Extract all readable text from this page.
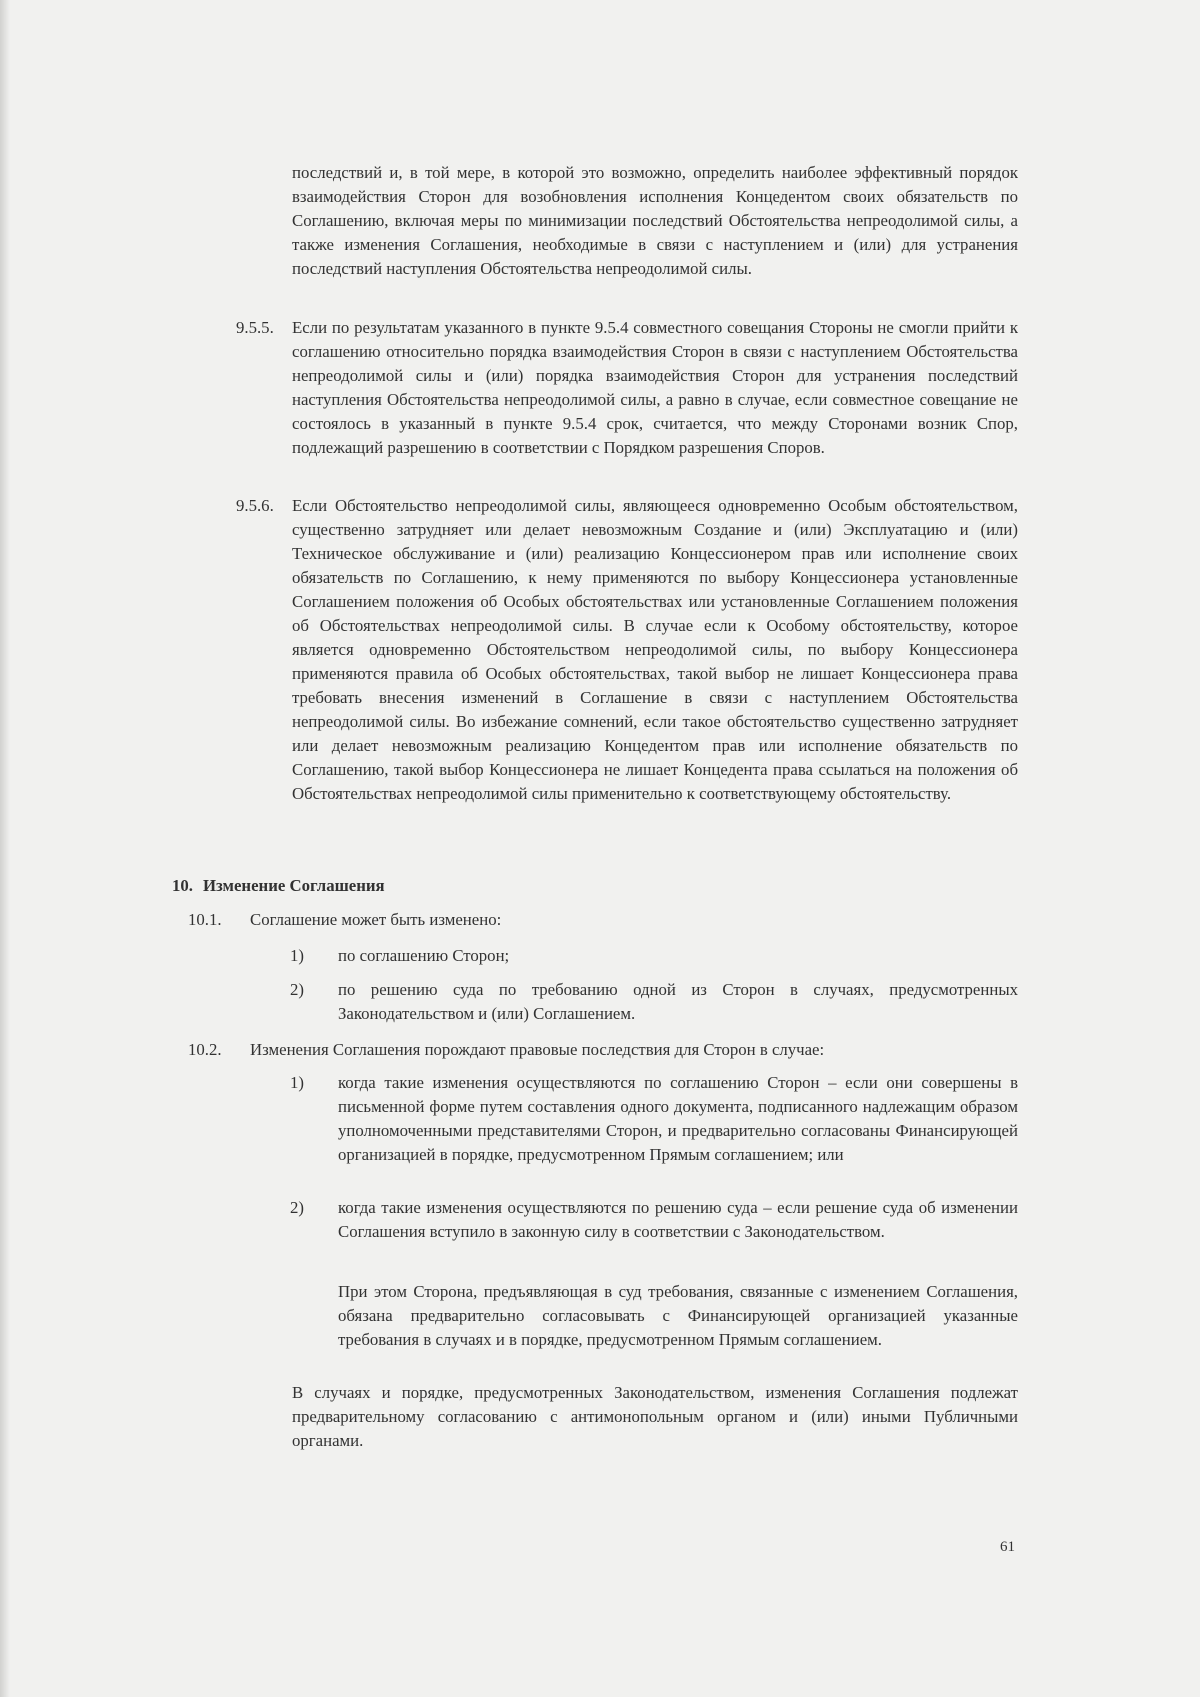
последствий и, в той мере, в которой это возможно, определить наиболее эффективный порядок взаимодействия Сторон для возобновления исполнения Концедентом своих обязательств по Соглашению, включая меры по минимизации последствий Обстоятельства непреодолимой силы, а также изменения Соглашения, необходимые в связи с наступлением и (или) для устранения последствий наступления Обстоятельства непреодолимой силы.

9.5.5.	Если по результатам указанного в пункте 9.5.4 совместного совещания Стороны не смогли прийти к соглашению относительно порядка взаимодействия Сторон в связи с наступлением Обстоятельства непреодолимой силы и (или) порядка взаимодействия Сторон для устранения последствий наступления Обстоятельства непреодолимой силы, а равно в случае, если совместное совещание не состоялось в указанный в пункте 9.5.4 срок, считается, что между Сторонами возник Спор, подлежащий разрешению в соответствии с Порядком разрешения Споров.

9.5.6.	Если Обстоятельство непреодолимой силы, являющееся одновременно Особым обстоятельством, существенно затрудняет или делает невозможным Создание и (или) Эксплуатацию и (или) Техническое обслуживание и (или) реализацию Концессионером прав или исполнение своих обязательств по Соглашению, к нему применяются по выбору Концессионера установленные Соглашением положения об Особых обстоятельствах или установленные Соглашением положения об Обстоятельствах непреодолимой силы. В случае если к Особому обстоятельству, которое является одновременно Обстоятельством непреодолимой силы, по выбору Концессионера применяются правила об Особых обстоятельствах, такой выбор не лишает Концессионера права требовать внесения изменений в Соглашение в связи с наступлением Обстоятельства непреодолимой силы. Во избежание сомнений, если такое обстоятельство существенно затрудняет или делает невозможным реализацию Концедентом прав или исполнение обязательств по Соглашению, такой выбор Концессионера не лишает Концедента права ссылаться на положения об Обстоятельствах непреодолимой силы применительно к соответствующему обстоятельству.

10. Изменение Соглашения
10.1. Соглашение может быть изменено:
1) по соглашению Сторон;
2) по решению суда по требованию одной из Сторон в случаях, предусмотренных Законодательством и (или) Соглашением.
10.2. Изменения Соглашения порождают правовые последствия для Сторон в случае:
1) когда такие изменения осуществляются по соглашению Сторон – если они совершены в письменной форме путем составления одного документа, подписанного надлежащим образом уполномоченными представителями Сторон, и предварительно согласованы Финансирующей организацией в порядке, предусмотренном Прямым соглашением; или
2) когда такие изменения осуществляются по решению суда – если решение суда об изменении Соглашения вступило в законную силу в соответствии с Законодательством.

При этом Сторона, предъявляющая в суд требования, связанные с изменением Соглашения, обязана предварительно согласовывать с Финансирующей организацией указанные требования в случаях и в порядке, предусмотренном Прямым соглашением.

В случаях и порядке, предусмотренных Законодательством, изменения Соглашения подлежат предварительному согласованию с антимонопольным органом и (или) иными Публичными органами.

61
